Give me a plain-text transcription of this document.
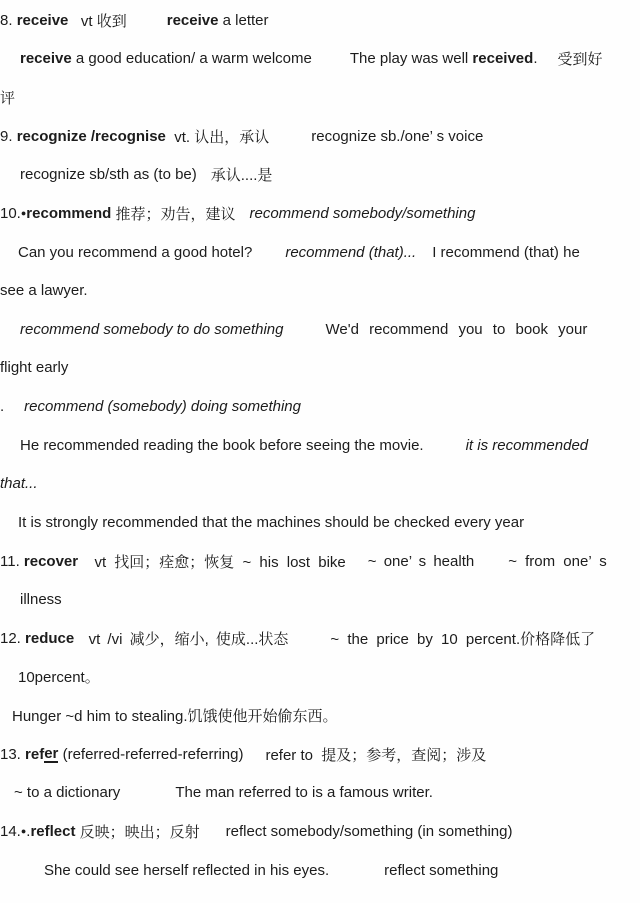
8. receive vt 收到	receive a letter
receive a good education/ a warm welcome	The play was well received . 受到好
评
9. recognize /recognise vt. 认出，承认	recognize sb./one’ s voice
recognize sb/sth as (to be) 承认....是
10. ● recommend 推荐；劝告，建议 recommend somebody/something
Can you recommend a good hotel? recommend (that)... I recommend (that) he
see a lawyer.
recommend somebody to do something	We'd recommend you to book your
flight early
. recommend (somebody) doing something
He recommended reading the book before seeing the movie.	it is recommended
that...
It is strongly recommended that the machines should be checked every year
11. recover vt 找回；痊愈；恢复 ~ his lost bike ~ one’ s health ~ from one’ s
illness
12. reduce vt /vi 减少，缩小, 使成...状态	~ the price by 10 percent.价格降低了
10percent。
Hunger ~d him to stealing.饥饿使他开始偷东西。
13. ref er (referred-referred-referring) refer to  提及；参考，查阅；涉及
~ to a dictionary	The man referred to is a famous writer.
14. ● . reflect 反映；映出；反射 reflect somebody/something (in something)
She could see herself reflected in his eyes.	reflect something
